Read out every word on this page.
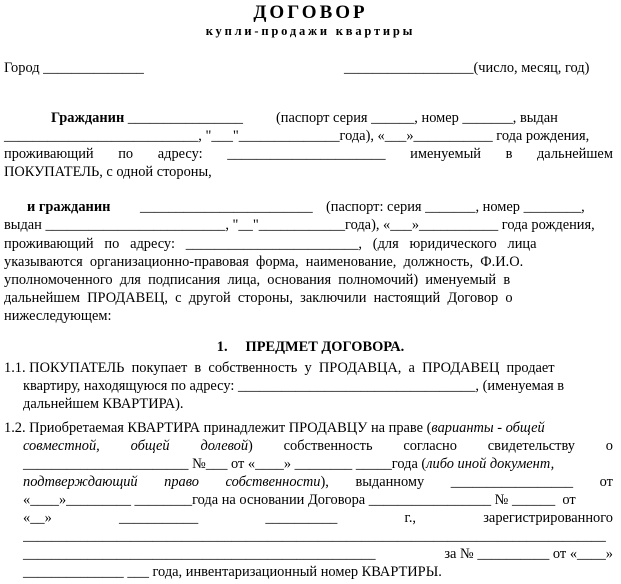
ДОГОВОР
купли-продажи квартиры
Город ______________	__________________(число, месяц, год)
Гражданин ________________ (паспорт серия ______, номер _______, выдан
___________________________, "___"______________года), «___»___________ года рождения,
проживающий по адресу: ______________________ именуемый в дальнейшем
ПОКУПАТЕЛЬ, с одной стороны,
и гражданин ________________________ (паспорт: серия _______, номер ________,
выдан _________________________, "__"____________года), «___»___________ года рождения,
проживающий   по   адресу:   ________________________,   (для   юридического   лица
указываются  организационно-правовая  форма,  наименование,  должность,  Ф.И.О.
уполномоченного  для  подписания  лица,  основания  полномочий)  именуемый  в
дальнейшем  ПРОДАВЕЦ,  с  другой  стороны,  заключили  настоящий  Договор  о
нижеследующем:
1. ПРЕДМЕТ ДОГОВОРА.
1.1. ПОКУПАТЕЛЬ  покупает  в  собственность  у  ПРОДАВЦА,  а  ПРОДАВЕЦ  продает
квартиру, находящуюся по адресу: _________________________________, (именуемая в
дальнейшем КВАРТИРА).
1.2. Приобретаемая КВАРТИРА принадлежит ПРОДАВЦУ на праве (варианты - общей
совместной, общей долевой) собственность согласно свидетельству о
_______________________ №___ от «____» ________ _____года (либо иной документ,
подтверждающий право собственности), выданному _________________ от
«____»_________ ________года на основании Договора _________________ № ______  от
«__»	___________	__________	г.,	зарегистрированного
_________________________________________________________________________________
_________________________________________________	за № __________ от «____»
______________ ___ года, инвентаризационный номер КВАРТИРЫ.
